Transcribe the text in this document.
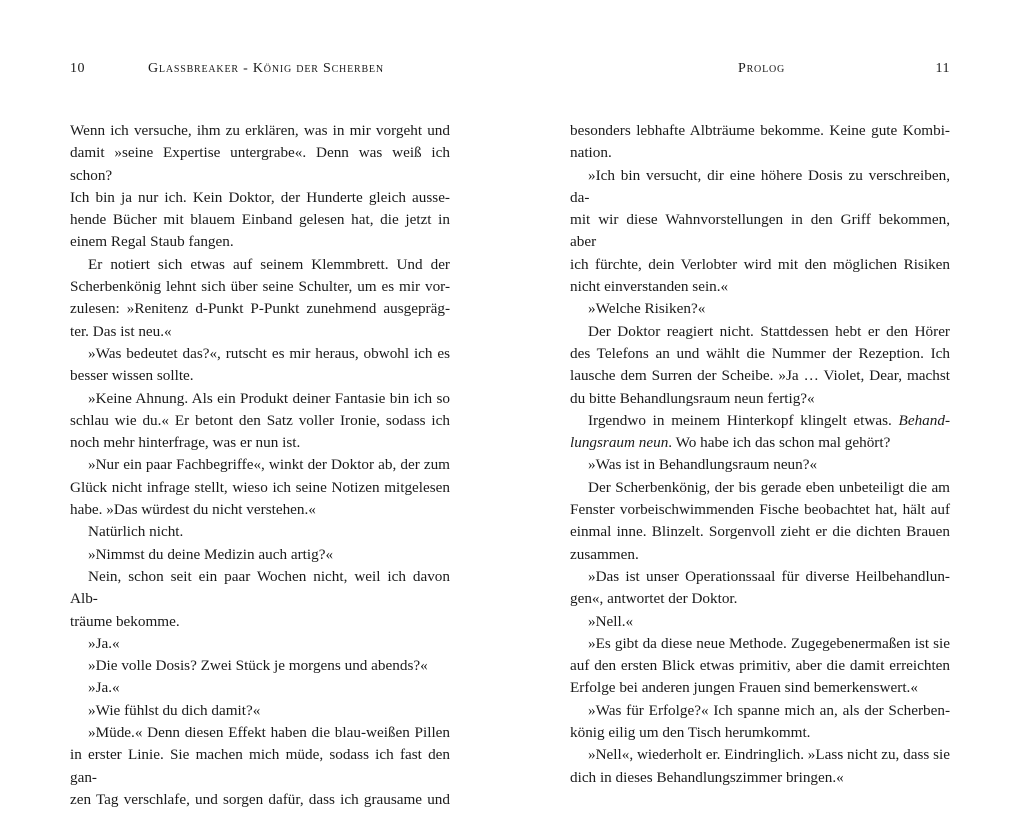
10	Glassbreaker - König der Scherben

Wenn ich versuche, ihm zu erklären, was in mir vorgeht und

damit »seine Expertise untergrabe«. Denn was weiß ich schon?

Ich bin ja nur ich. Kein Doktor, der Hunderte gleich ausse-

hende Bücher mit blauem Einband gelesen hat, die jetzt in

einem Regal Staub fangen.

Er notiert sich etwas auf seinem Klemmbrett. Und der

Scherbenkönig lehnt sich über seine Schulter, um es mir vor-

zulesen: »Renitenz d-Punkt P-Punkt zunehmend ausgepräg-

ter. Das ist neu.«

»Was bedeutet das?«, rutscht es mir heraus, obwohl ich es

besser wissen sollte.

»Keine Ahnung. Als ein Produkt deiner Fantasie bin ich so

schlau wie du.« Er betont den Satz voller Ironie, sodass ich

noch mehr hinterfrage, was er nun ist.

»Nur ein paar Fachbegriffe«, winkt der Doktor ab, der zum

Glück nicht infrage stellt, wieso ich seine Notizen mitgelesen

habe. »Das würdest du nicht verstehen.«

Natürlich nicht.

»Nimmst du deine Medizin auch artig?«

Nein, schon seit ein paar Wochen nicht, weil ich davon Alb-

träume bekomme.

»Ja.«

»Die volle Dosis? Zwei Stück je morgens und abends?«

»Ja.«

»Wie fühlst du dich damit?«

»Müde.« Denn diesen Effekt haben die blau-weißen Pillen

in erster Linie. Sie machen mich müde, sodass ich fast den gan-

zen Tag verschlafe, und sorgen dafür, dass ich grausame und

Prolog	11

besonders lebhafte Albträume bekomme. Keine gute Kombi-

nation.

»Ich bin versucht, dir eine höhere Dosis zu verschreiben, da-

mit wir diese Wahnvorstellungen in den Griff bekommen, aber

ich fürchte, dein Verlobter wird mit den möglichen Risiken

nicht einverstanden sein.«

»Welche Risiken?«

Der Doktor reagiert nicht. Stattdessen hebt er den Hörer

des Telefons an und wählt die Nummer der Rezeption. Ich

lausche dem Surren der Scheibe. »Ja … Violet, Dear, machst

du bitte Behandlungsraum neun fertig?«

Irgendwo in meinem Hinterkopf klingelt etwas. Behand-

lungsraum neun. Wo habe ich das schon mal gehört?

»Was ist in Behandlungsraum neun?«

Der Scherbenkönig, der bis gerade eben unbeteiligt die am

Fenster vorbeischwimmenden Fische beobachtet hat, hält auf

einmal inne. Blinzelt. Sorgenvoll zieht er die dichten Brauen

zusammen.

»Das ist unser Operationssaal für diverse Heilbehandlun-

gen«, antwortet der Doktor.

»Nell.«

»Es gibt da diese neue Methode. Zugegebenermaßen ist sie

auf den ersten Blick etwas primitiv, aber die damit erreichten

Erfolge bei anderen jungen Frauen sind bemerkenswert.«

»Was für Erfolge?« Ich spanne mich an, als der Scherben-

könig eilig um den Tisch herumkommt.

»Nell«, wiederholt er. Eindringlich. »Lass nicht zu, dass sie

dich in dieses Behandlungszimmer bringen.«
